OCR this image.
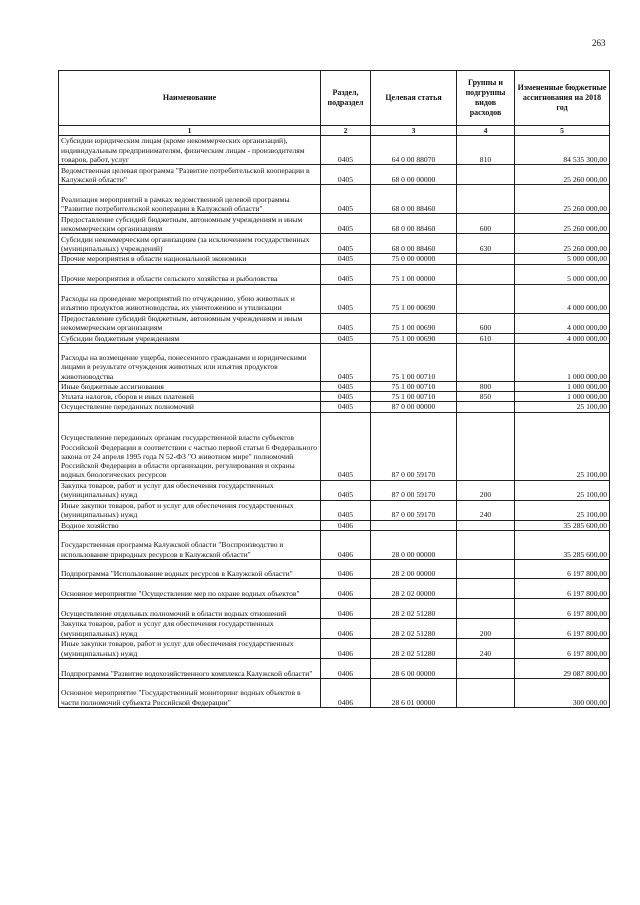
263
Наименование	Раздел, подраздел	Целевая статья	Группы и подгруппы видов расходов	Измененные бюджетные ассигнования на 2018 год
1	2	3	4	5
Субсидии юридическим лицам (кроме некоммерческих организаций), индивидуальным предпринимателям, физическим лицам - производителям товаров, работ, услуг	0405	64 0 00 88070	810	84 535 300,00
Ведомственная целевая программа "Развитие потребительской кооперации в Калужской области"	0405	68 0 00 00000		25 260 000,00
Реализация мероприятий в рамках ведомственной целевой программы "Развитие потребительской кооперации в Калужской области"	0405	68 0 00 88460		25 260 000,00
Предоставление субсидий бюджетным, автономным учреждениям и иным некоммерческим организациям	0405	68 0 00 88460	600	25 260 000,00
Субсидии некоммерческим организациям (за исключением государственных (муниципальных) учреждений)	0405	68 0 00 88460	630	25 260 000,00
Прочие мероприятия в области национальной экономики	0405	75 0 00 00000		5 000 000,00
Прочие мероприятия в области сельского хозяйства и рыболовства	0405	75 1 00 00000		5 000 000,00
Расходы на проведение мероприятий по отчуждению, убою животных и изъятию продуктов животноводства, их уничтожению и утилизации	0405	75 1 00 00690		4 000 000,00
Предоставление субсидий бюджетным, автономным учреждениям и иным некоммерческим организациям	0405	75 1 00 00690	600	4 000 000,00
Субсидии бюджетным учреждениям	0405	75 1 00 00690	610	4 000 000,00
Расходы на возмещение ущерба, понесенного гражданами и юридическими лицами в результате отчуждения животных или изъятия продуктов животноводства	0405	75 1 00 00710		1 000 000,00
Иные бюджетные ассигнования	0405	75 1 00 00710	800	1 000 000,00
Уплата налогов, сборов и иных платежей	0405	75 1 00 00710	850	1 000 000,00
Осуществление переданных полномочий	0405	87 0 00 00000		25 100,00
Осуществление переданных органам государственной власти субъектов Российской Федерации в соответствии с частью первой статьи 6 Федерального закона от 24 апреля 1995 года N 52-ФЗ "О животном мире" полномочий Российской Федерации в области организации, регулирования и охраны водных биологических ресурсов	0405	87 0 00 59170		25 100,00
Закупка товаров, работ и услуг для обеспечения государственных (муниципальных) нужд	0405	87 0 00 59170	200	25 100,00
Иные закупки товаров, работ и услуг для обеспечения государственных (муниципальных) нужд	0405	87 0 00 59170	240	25 100,00
Водное хозяйство	0406			35 285 600,00
Государственная программа Калужской области "Воспроизводство и использование природных ресурсов в Калужской области"	0406	28 0 00 00000		35 285 600,00
Подпрограмма "Использование водных ресурсов в Калужской области"	0406	28 2 00 00000		6 197 800,00
Основное мероприятие "Осуществление мер по охране водных объектов"	0406	28 2 02 00000		6 197 800,00
Осуществление отдельных полномочий в области водных отношений	0406	28 2 02 51280		6 197 800,00
Закупка товаров, работ и услуг для обеспечения государственных (муниципальных) нужд	0406	28 2 02 51280	200	6 197 800,00
Иные закупки товаров, работ и услуг для обеспечения государственных (муниципальных) нужд	0406	28 2 02 51280	240	6 197 800,00
Подпрограмма "Развитие водохозяйственного комплекса Калужской области"	0406	28 6 00 00000		29 087 800,00
Основное мероприятие "Государственный мониторинг водных объектов в части полномочий субъекта Российской Федерации"	0406	28 6 01 00000		300 000,00
